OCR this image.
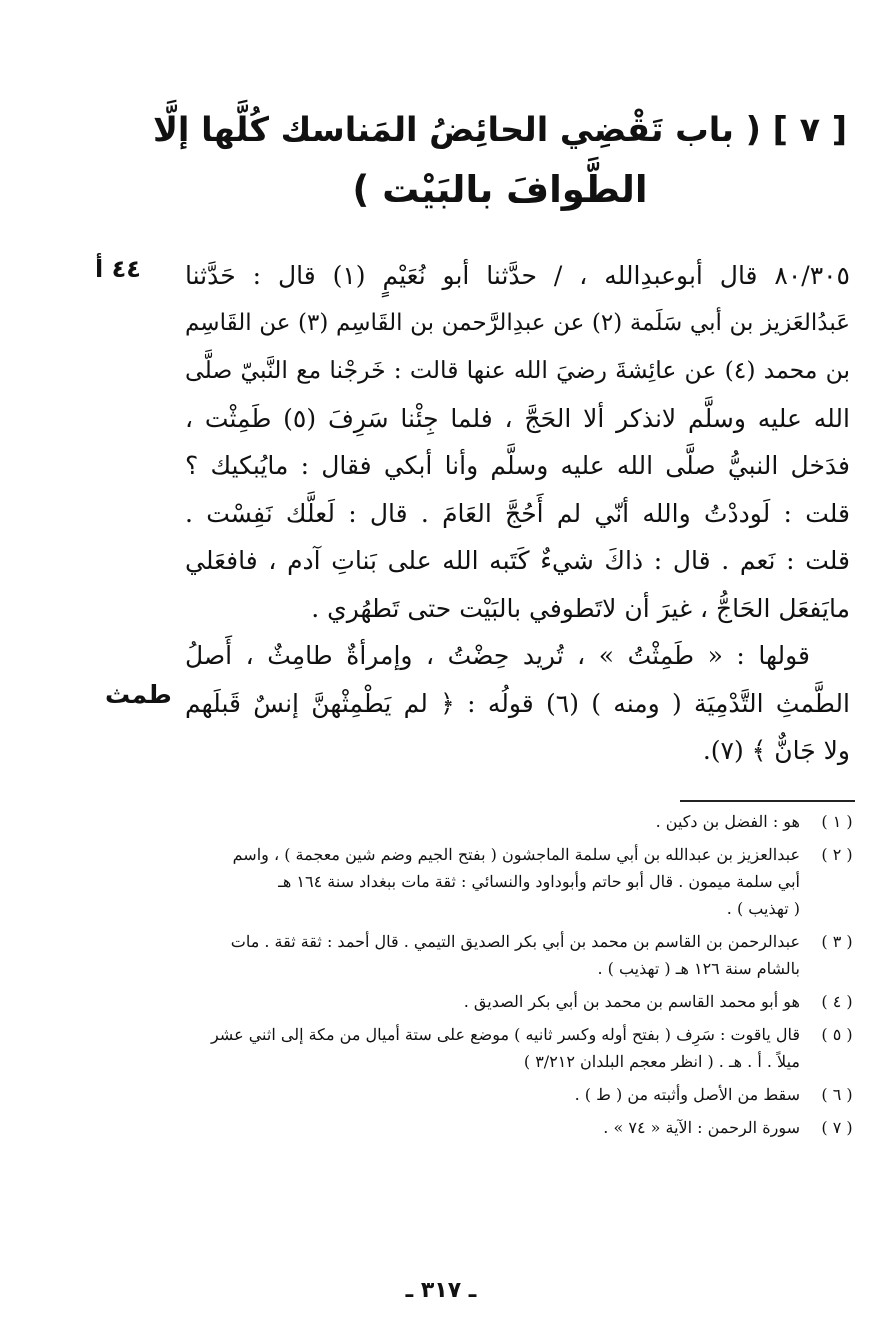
[ ٧ ] ( باب تَقْضِي الحائِضُ المَناسك كُلَّها إلَّا
الطَّوافَ بالبَيْت )
٤٤ أ	٨٠/٣٠٥ قال أبوعبدِالله ، / حدَّثنا أبو نُعَيْمٍ (١) قال : حَدَّثنا
عَبدُالعَزيز بن أبي سَلَمة (٢) عن عبدِالرَّحمن بن القَاسِم (٣) عن القَاسِم
بن محمد (٤) عن عائِشةَ رضيَ الله عنها قالت : خَرجْنا مع النَّبيّ صلَّى
الله عليه وسلَّم لانذكر ألا الحَجَّ ، فلما جِئْنا سَرِفَ (٥) طَمِثْت ،
فدَخل النبيُّ صلَّى الله عليه وسلَّم وأنا أبكي فقال : مايُبكيك ؟
قلت : لَوددْتُ والله أنّي لم أَحُجَّ العَامَ . قال : لَعلَّك نَفِسْت .
قلت : نَعم . قال : ذاكَ شيءٌ كَتَبه الله على بَناتِ آدم ، فافعَلي
مايَفعَل الحَاجُّ ، غيرَ أن لاتَطوفي بالبَيْت حتى تَطهُري .
قولها : « طَمِثْتُ » ، تُريد حِضْتُ ، وإمرأةٌ طامِثٌ ، أَصلُ
الطَّمثِ التَّدْمِيَة ( ومنه ) (٦) قولُه : ﴿ لم يَطْمِثْهنَّ إنسٌ قَبلَهم
ولا جَانٌّ ﴾ (٧).
طمث
( ١ )
هو : الفضل بن دكين .
( ٢ )
عبدالعزيز بن عبدالله بن أبي سلمة الماجشون ( بفتح الجيم وضم شين معجمة ) ، واسم
أبي سلمة ميمون . قال أبو حاتم وأبوداود والنسائي : ثقة مات ببغداد سنة ١٦٤ هـ
( تهذيب ) .
( ٣ )
عبدالرحمن بن القاسم بن محمد بن أبي بكر الصديق التيمي . قال أحمد : ثقة ثقة . مات
بالشام سنة ١٢٦ هـ ( تهذيب ) .
( ٤ )
هو أبو محمد القاسم بن محمد بن أبي بكر الصديق .
( ٥ )
قال ياقوت : سَرِف ( بفتح أوله وكسر ثانيه ) موضع على ستة أميال من مكة إلى اثني عشر
ميلاً . أ . هـ . ( انظر معجم البلدان ٣/٢١٢ )
( ٦ )
سقط من الأصل وأثبته من ( ط ) .
( ٧ )
سورة الرحمن : الآية « ٧٤ » .
ـ ٣١٧ ـ
